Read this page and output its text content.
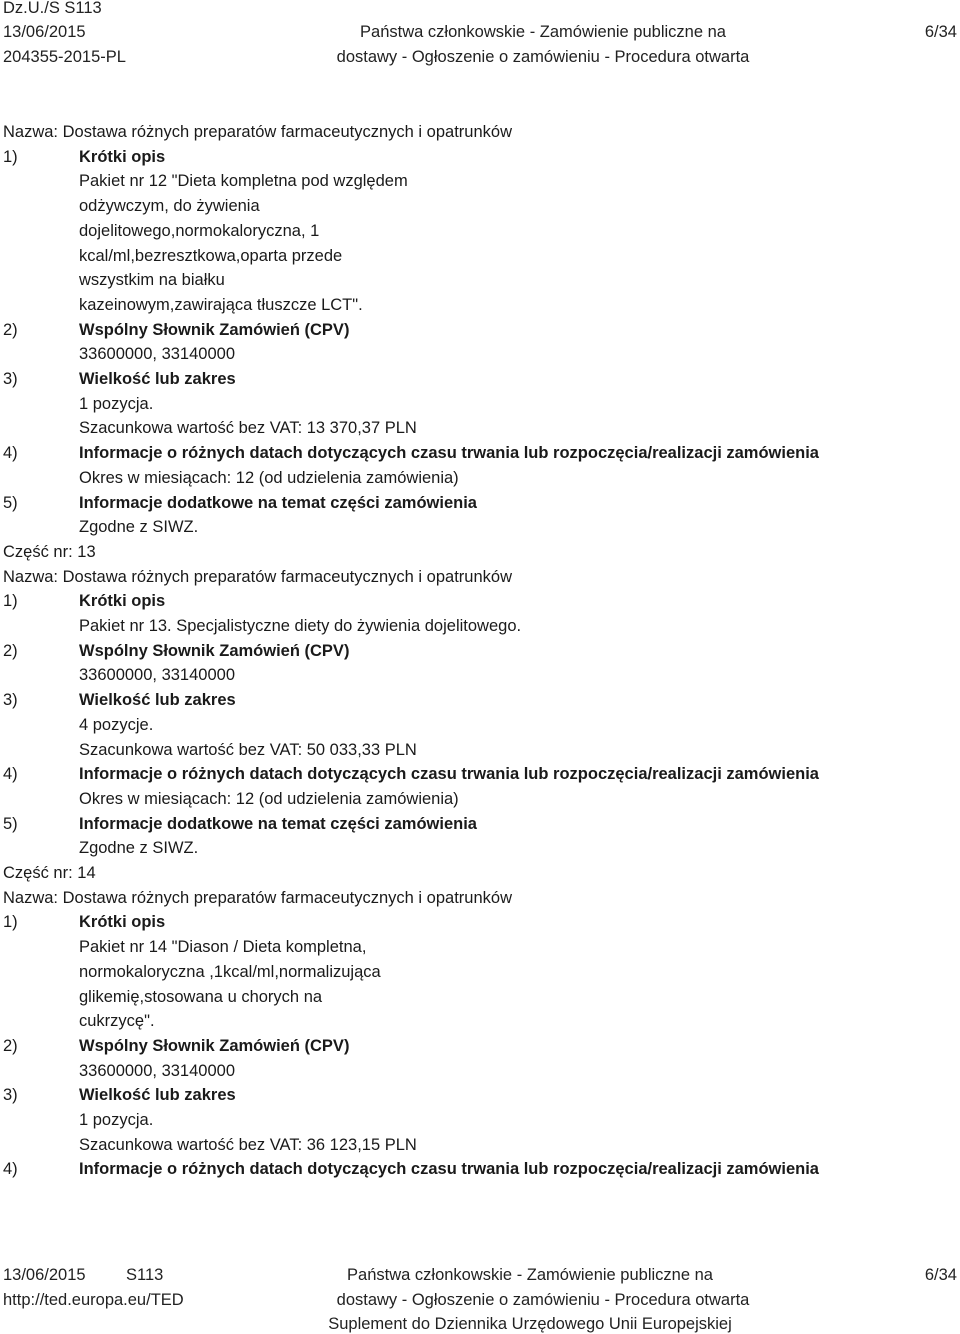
Dz.U./S S113
13/06/2015
204355-2015-PL
Państwa członkowskie - Zamówienie publiczne na
dostawy - Ogłoszenie o zamówieniu - Procedura otwarta
6/34
Nazwa: Dostawa różnych preparatów farmaceutycznych i opatrunków
1)	Krótki opis
Pakiet nr 12 "Dieta kompletna pod względem
odżywczym, do żywienia
dojelitowego,normokaloryczna, 1
kcal/ml,bezresztkowa,oparta przede
wszystkim na białku
kazeinowym,zawirająca tłuszcze LCT".
2)	Wspólny Słownik Zamówień (CPV)
33600000, 33140000
3)	Wielkość lub zakres
1 pozycja.
Szacunkowa wartość bez VAT: 13 370,37 PLN
4)	Informacje o różnych datach dotyczących czasu trwania lub rozpoczęcia/realizacji zamówienia
Okres w miesiącach: 12 (od udzielenia zamówienia)
5)	Informacje dodatkowe na temat części zamówienia
Zgodne z SIWZ.
Część nr: 13
Nazwa: Dostawa różnych preparatów farmaceutycznych i opatrunków
1)	Krótki opis
Pakiet nr 13. Specjalistyczne diety do żywienia dojelitowego.
2)	Wspólny Słownik Zamówień (CPV)
33600000, 33140000
3)	Wielkość lub zakres
4 pozycje.
Szacunkowa wartość bez VAT: 50 033,33 PLN
4)	Informacje o różnych datach dotyczących czasu trwania lub rozpoczęcia/realizacji zamówienia
Okres w miesiącach: 12 (od udzielenia zamówienia)
5)	Informacje dodatkowe na temat części zamówienia
Zgodne z SIWZ.
Część nr: 14
Nazwa: Dostawa różnych preparatów farmaceutycznych i opatrunków
1)	Krótki opis
Pakiet nr 14 "Diason / Dieta kompletna,
normokaloryczna ,1kcal/ml,normalizująca
glikemię,stosowana u chorych na
cukrzycę".
2)	Wspólny Słownik Zamówień (CPV)
33600000, 33140000
3)	Wielkość lub zakres
1 pozycja.
Szacunkowa wartość bez VAT: 36 123,15 PLN
4)	Informacje o różnych datach dotyczących czasu trwania lub rozpoczęcia/realizacji zamówienia
13/06/2015 S113
http://ted.europa.eu/TED
Państwa członkowskie - Zamówienie publiczne na
dostawy - Ogłoszenie o zamówieniu - Procedura otwarta
Suplement do Dziennika Urzędowego Unii Europejskiej
6/34
